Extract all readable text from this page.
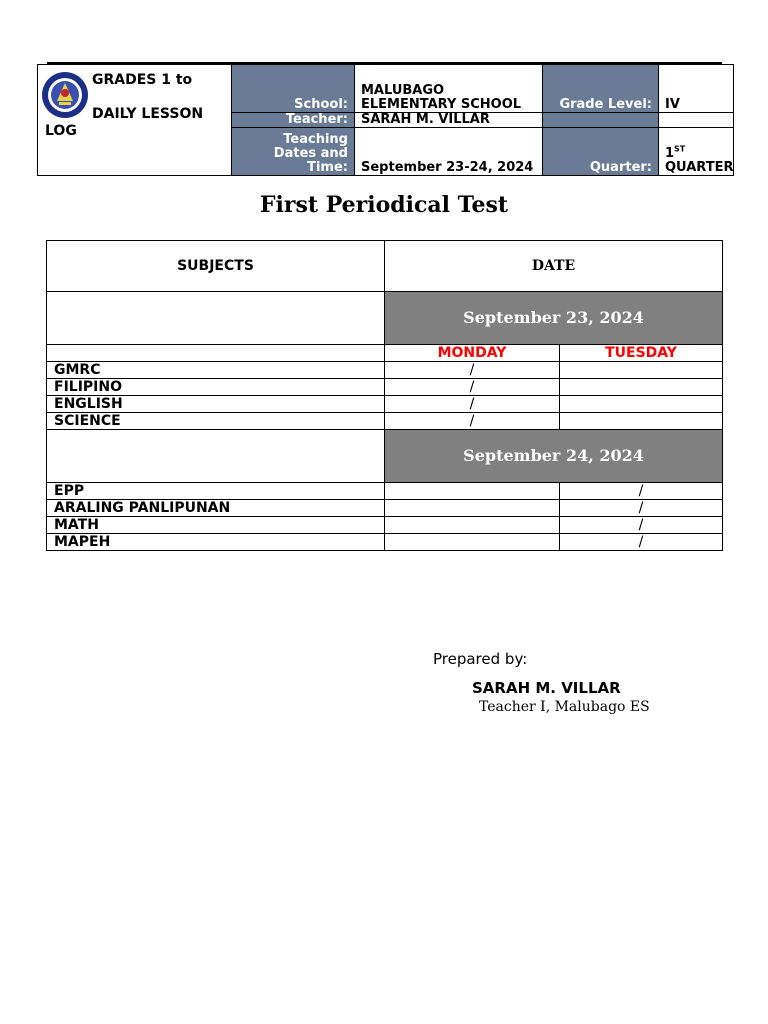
GRADES 1 to
DAILY LESSON
LOG	School:	MALUBAGO ELEMENTARY SCHOOL	Grade Level:	IV
	Teacher:	SARAH M. VILLAR		
	Teaching Dates and Time:	September 23-24, 2024	Quarter:	1ST
QUARTER
First Periodical Test
SUBJECTS	DATE	
	September 23, 2024	
	MONDAY	TUESDAY
GMRC	/	
FILIPINO	/	
ENGLISH	/	
SCIENCE	/	
	September 24, 2024	
EPP		/
ARALING PANLIPUNAN		/
MATH		/
MAPEH		/
Prepared by:
SARAH M. VILLAR
Teacher I, Malubago ES
